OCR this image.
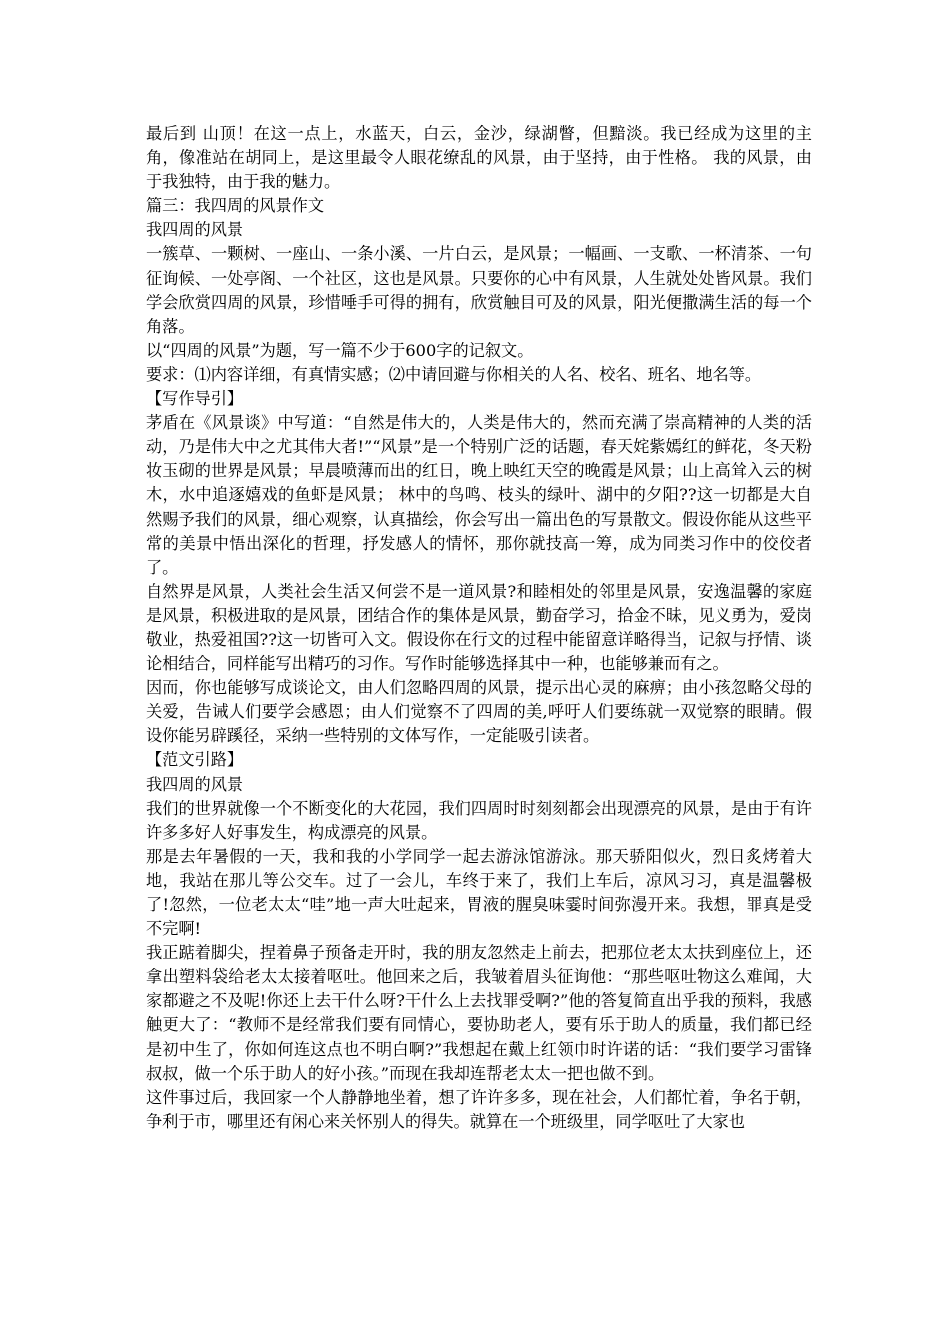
最后到 山顶！在这一点上，水蓝天，白云，金沙，绿湖瞥，但黯淡。我已经成为这里的主角，像准站在胡同上，是这里最令人眼花缭乱的风景，由于坚持，由于性格。 我的风景，由于我独特，由于我的魅力。

篇三：我四周的风景作文

我四周的风景

一簇草、一颗树、一座山、一条小溪、一片白云，是风景；一幅画、一支歌、一杯清茶、一句征询候、一处亭阁、一个社区，这也是风景。只要你的心中有风景，人生就处处皆风景。我们学会欣赏四周的风景，珍惜唾手可得的拥有，欣赏触目可及的风景，阳光便撒满生活的每一个角落。

以“四周的风景”为题，写一篇不少于600字的记叙文。

要求：⑴内容详细，有真情实感；⑵中请回避与你相关的人名、校名、班名、地名等。

【写作导引】

茅盾在《风景谈》中写道：“自然是伟大的，人类是伟大的，然而充满了崇高精神的人类的活动，乃是伟大中之尤其伟大者!”“风景”是一个特别广泛的话题，春天姹紫嫣红的鲜花，冬天粉妆玉砌的世界是风景；早晨喷薄而出的红日，晚上映红天空的晚霞是风景；山上高耸入云的树木，水中追逐嬉戏的鱼虾是风景； 林中的鸟鸣、枝头的绿叶、湖中的夕阳??这一切都是大自然赐予我们的风景，细心观察，认真描绘，你会写出一篇出色的写景散文。假设你能从这些平常的美景中悟出深化的哲理，抒发感人的情怀，那你就技高一筹，成为同类习作中的佼佼者了。

自然界是风景，人类社会生活又何尝不是一道风景?和睦相处的邻里是风景，安逸温馨的家庭是风景，积极进取的是风景，团结合作的集体是风景，勤奋学习，拾金不昧，见义勇为，爱岗敬业，热爱祖国??这一切皆可入文。假设你在行文的过程中能留意详略得当，记叙与抒情、谈论相结合，同样能写出精巧的习作。写作时能够选择其中一种，也能够兼而有之。

因而，你也能够写成谈论文，由人们忽略四周的风景，提示出心灵的麻痹；由小孩忽略父母的关爱，告诫人们要学会感恩；由人们觉察不了四周的美,呼吁人们要练就一双觉察的眼睛。假设你能另辟蹊径，采纳一些特别的文体写作，一定能吸引读者。

【范文引路】

我四周的风景

我们的世界就像一个不断变化的大花园，我们四周时时刻刻都会出现漂亮的风景，是由于有许许多多好人好事发生，构成漂亮的风景。

那是去年暑假的一天，我和我的小学同学一起去游泳馆游泳。那天骄阳似火，烈日炙烤着大地，我站在那儿等公交车。过了一会儿，车终于来了，我们上车后，凉风习习，真是温馨极了!忽然，一位老太太“哇”地一声大吐起来，胃液的腥臭味霎时间弥漫开来。我想，罪真是受不完啊!

我正踮着脚尖，捏着鼻子预备走开时，我的朋友忽然走上前去，把那位老太太扶到座位上，还拿出塑料袋给老太太接着呕吐。他回来之后，我皱着眉头征询他：“那些呕吐物这么难闻，大家都避之不及呢!你还上去干什么呀?干什么上去找罪受啊?”他的答复简直出乎我的预料，我感触更大了：“教师不是经常我们要有同情心，要协助老人，要有乐于助人的质量，我们都已经是初中生了，你如何连这点也不明白啊?”我想起在戴上红领巾时许诺的话：“我们要学习雷锋叔叔，做一个乐于助人的好小孩。”而现在我却连帮老太太一把也做不到。

这件事过后，我回家一个人静静地坐着，想了许许多多，现在社会，人们都忙着，争名于朝，争利于市，哪里还有闲心来关怀别人的得失。就算在一个班级里，同学呕吐了大家也
